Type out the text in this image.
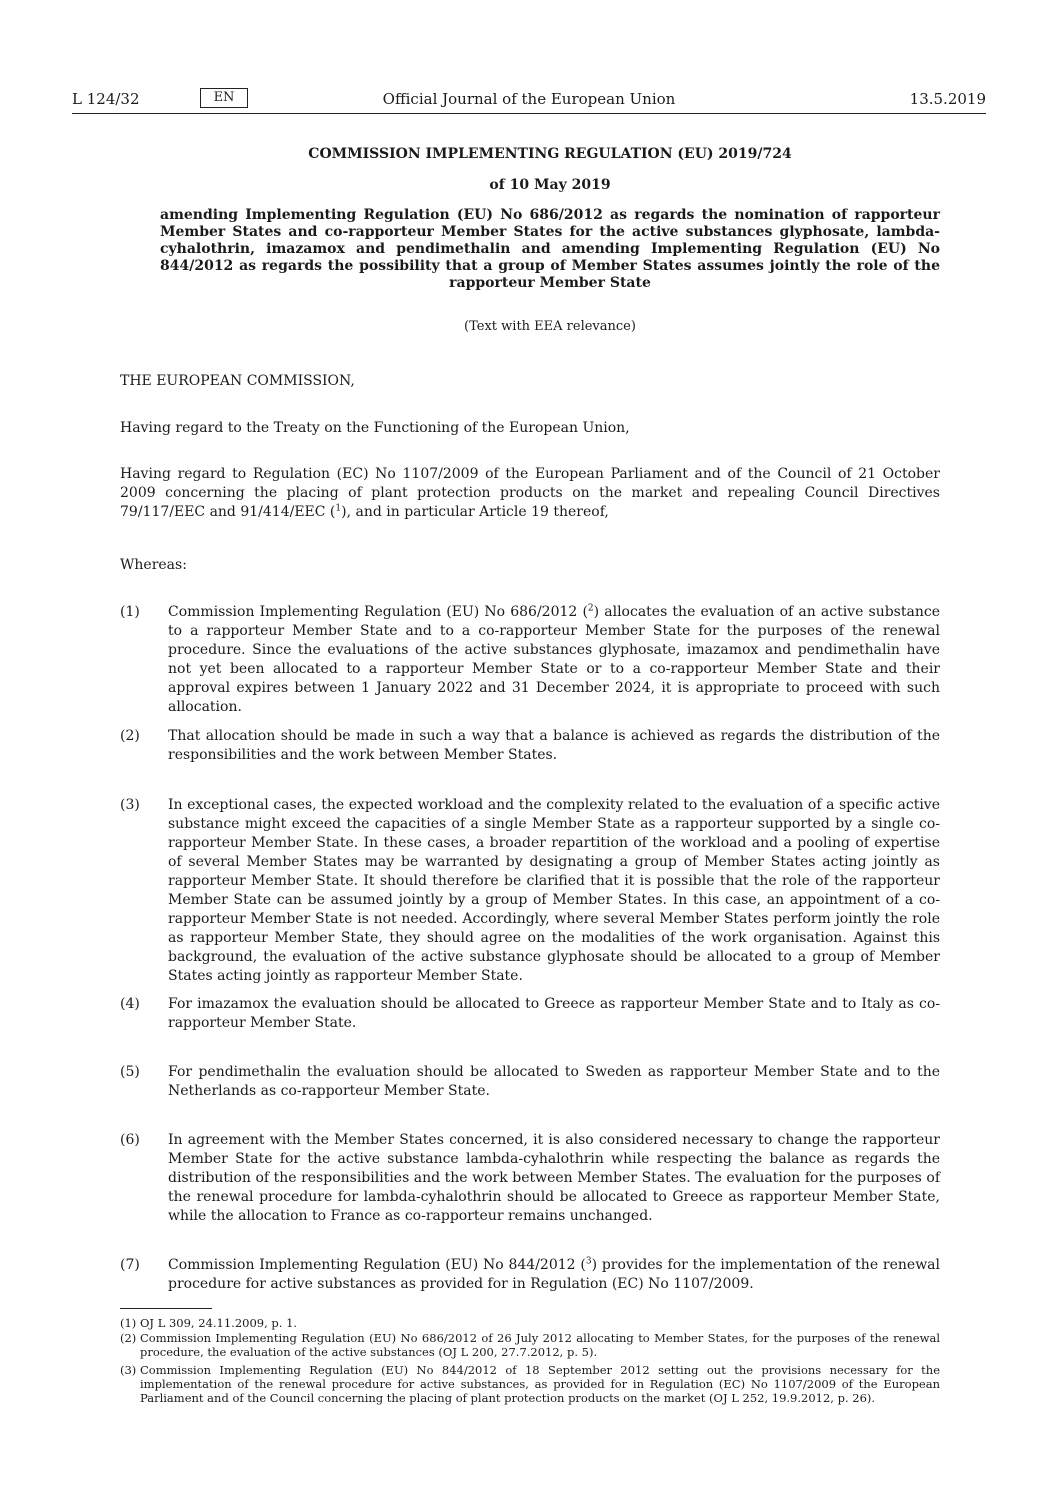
L 124/32	EN	Official Journal of the European Union	13.5.2019
COMMISSION IMPLEMENTING REGULATION (EU) 2019/724
of 10 May 2019
amending Implementing Regulation (EU) No 686/2012 as regards the nomination of rapporteur Member States and co-rapporteur Member States for the active substances glyphosate, lambda-cyhalothrin, imazamox and pendimethalin and amending Implementing Regulation (EU) No 844/2012 as regards the possibility that a group of Member States assumes jointly the role of the rapporteur Member State
(Text with EEA relevance)
THE EUROPEAN COMMISSION,
Having regard to the Treaty on the Functioning of the European Union,
Having regard to Regulation (EC) No 1107/2009 of the European Parliament and of the Council of 21 October 2009 concerning the placing of plant protection products on the market and repealing Council Directives 79/117/EEC and 91/414/EEC ($^1$), and in particular Article 19 thereof,
Whereas:
(1) Commission Implementing Regulation (EU) No 686/2012 ($^2$) allocates the evaluation of an active substance to a rapporteur Member State and to a co-rapporteur Member State for the purposes of the renewal procedure. Since the evaluations of the active substances glyphosate, imazamox and pendimethalin have not yet been allocated to a rapporteur Member State or to a co-rapporteur Member State and their approval expires between 1 January 2022 and 31 December 2024, it is appropriate to proceed with such allocation.
(2) That allocation should be made in such a way that a balance is achieved as regards the distribution of the responsibilities and the work between Member States.
(3) In exceptional cases, the expected workload and the complexity related to the evaluation of a specific active substance might exceed the capacities of a single Member State as a rapporteur supported by a single co-rapporteur Member State. In these cases, a broader repartition of the workload and a pooling of expertise of several Member States may be warranted by designating a group of Member States acting jointly as rapporteur Member State. It should therefore be clarified that it is possible that the role of the rapporteur Member State can be assumed jointly by a group of Member States. In this case, an appointment of a co-rapporteur Member State is not needed. Accordingly, where several Member States perform jointly the role as rapporteur Member State, they should agree on the modalities of the work organisation. Against this background, the evaluation of the active substance glyphosate should be allocated to a group of Member States acting jointly as rapporteur Member State.
(4) For imazamox the evaluation should be allocated to Greece as rapporteur Member State and to Italy as co-rapporteur Member State.
(5) For pendimethalin the evaluation should be allocated to Sweden as rapporteur Member State and to the Netherlands as co-rapporteur Member State.
(6) In agreement with the Member States concerned, it is also considered necessary to change the rapporteur Member State for the active substance lambda-cyhalothrin while respecting the balance as regards the distribution of the responsibilities and the work between Member States. The evaluation for the purposes of the renewal procedure for lambda-cyhalothrin should be allocated to Greece as rapporteur Member State, while the allocation to France as co-rapporteur remains unchanged.
(7) Commission Implementing Regulation (EU) No 844/2012 ($^3$) provides for the implementation of the renewal procedure for active substances as provided for in Regulation (EC) No 1107/2009.
(1) OJ L 309, 24.11.2009, p. 1.
(2) Commission Implementing Regulation (EU) No 686/2012 of 26 July 2012 allocating to Member States, for the purposes of the renewal procedure, the evaluation of the active substances (OJ L 200, 27.7.2012, p. 5).
(3) Commission Implementing Regulation (EU) No 844/2012 of 18 September 2012 setting out the provisions necessary for the implementation of the renewal procedure for active substances, as provided for in Regulation (EC) No 1107/2009 of the European Parliament and of the Council concerning the placing of plant protection products on the market (OJ L 252, 19.9.2012, p. 26).
